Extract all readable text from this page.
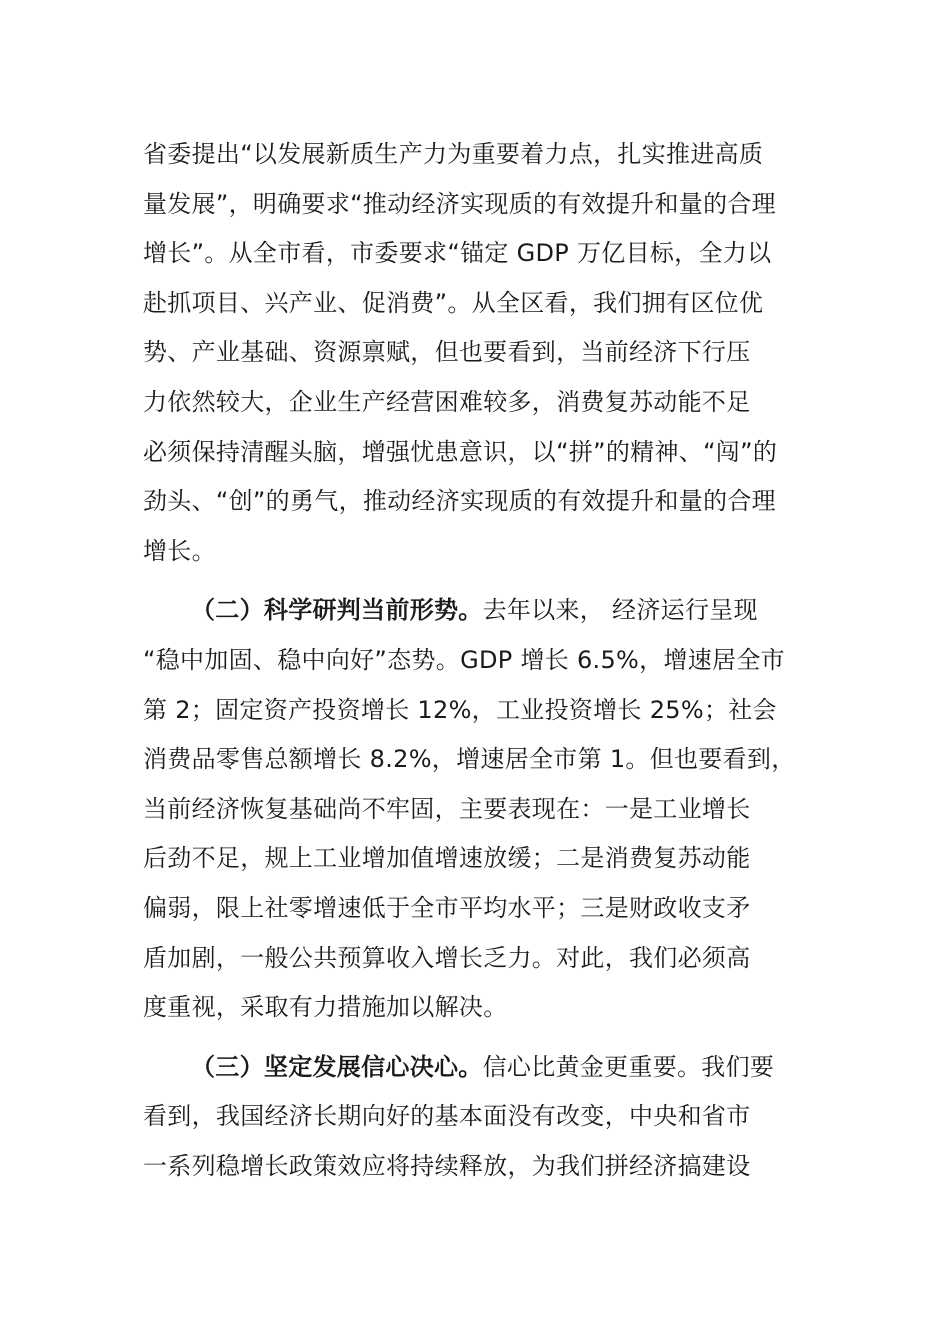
省委提出“以发展新质生产力为重要着力点，扎实推进高质
量发展”，明确要求“推动经济实现质的有效提升和量的合理
增长”。从全市看，市委要求“锚定 GDP 万亿目标，全力以
赴抓项目、兴产业、促消费”。从全区看，我们拥有区位优
势、产业基础、资源禀赋，但也要看到，当前经济下行压
力依然较大，企业生产经营困难较多，消费复苏动能不足
必须保持清醒头脑，增强忧患意识，以“拼”的精神、“闯”的
劲头、“创”的勇气，推动经济实现质的有效提升和量的合理
增长。
（二）科学研判当前形势。去年以来， 经济运行呈现
“稳中加固、稳中向好”态势。GDP 增长 6.5%，增速居全市
第 2；固定资产投资增长 12%，工业投资增长 25%；社会
消费品零售总额增长 8.2%，增速居全市第 1。但也要看到，
当前经济恢复基础尚不牢固，主要表现在：一是工业增长
后劲不足，规上工业增加值增速放缓；二是消费复苏动能
偏弱，限上社零增速低于全市平均水平；三是财政收支矛
盾加剧，一般公共预算收入增长乏力。对此，我们必须高
度重视，采取有力措施加以解决。
（三）坚定发展信心决心。信心比黄金更重要。我们要
看到，我国经济长期向好的基本面没有改变，中央和省市
一系列稳增长政策效应将持续释放，为我们拼经济搞建设
